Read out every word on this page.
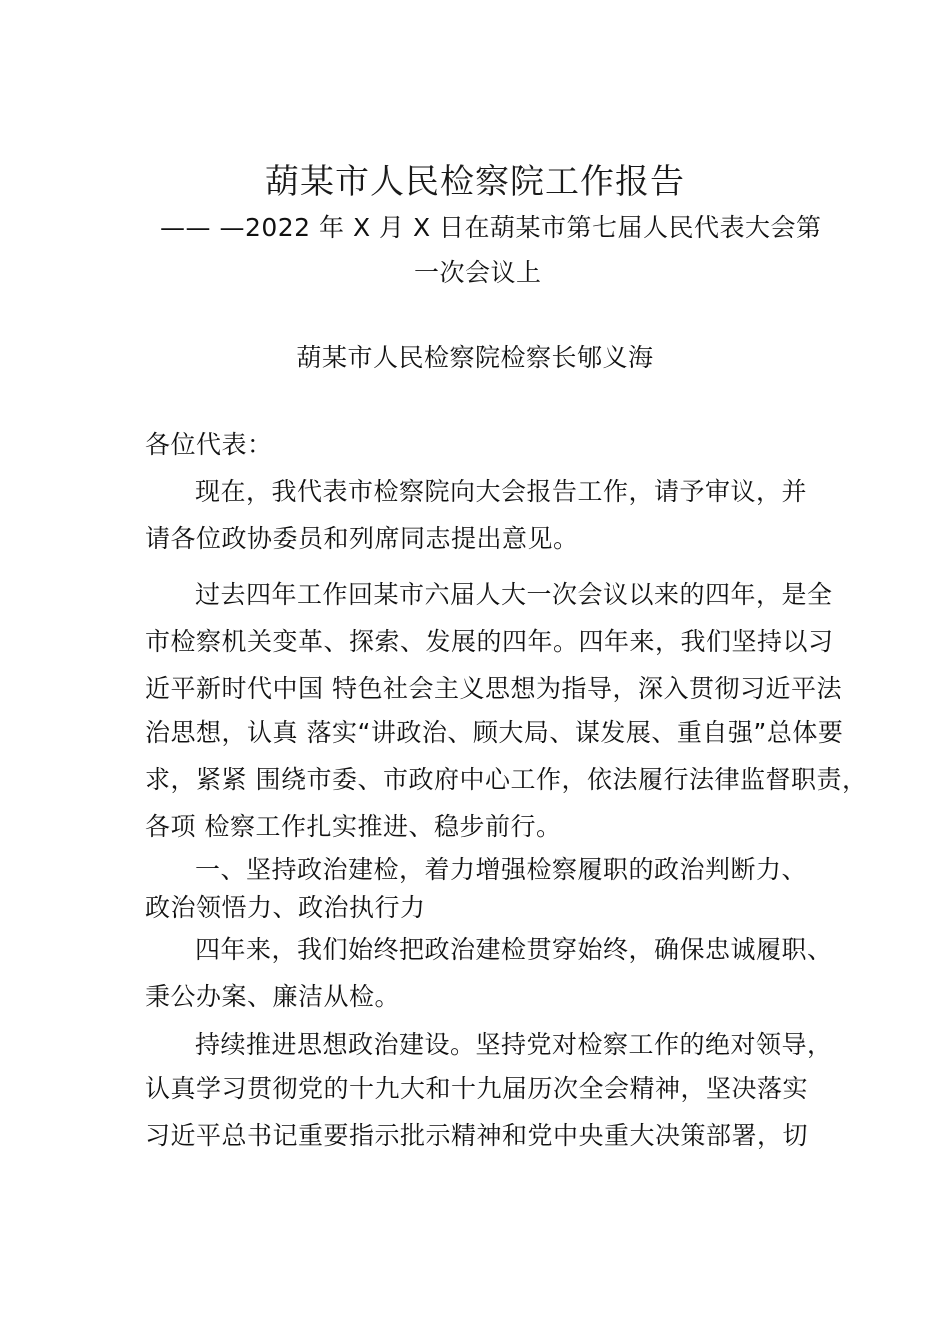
葫某市人民检察院工作报告
—— —2022 年 X 月 X 日在葫某市第七届人民代表大会第
一次会议上
葫某市人民检察院检察长郇义海
各位代表：
现在，我代表市检察院向大会报告工作，请予审议，并
请各位政协委员和列席同志提出意见。
过去四年工作回某市六届人大一次会议以来的四年，是全
市检察机关变革、探索、发展的四年。四年来，我们坚持以习
近平新时代中国 特色社会主义思想为指导，深入贯彻习近平法
治思想，认真 落实“讲政治、顾大局、谋发展、重自强”总体要
求，紧紧 围绕市委、市政府中心工作，依法履行法律监督职责，
各项 检察工作扎实推进、稳步前行。
一、坚持政治建检，着力增强检察履职的政治判断力、
政治领悟力、政治执行力
四年来，我们始终把政治建检贯穿始终，确保忠诚履职、
秉公办案、廉洁从检。
持续推进思想政治建设。坚持党对检察工作的绝对领导，
认真学习贯彻党的十九大和十九届历次全会精神，坚决落实
习近平总书记重要指示批示精神和党中央重大决策部署，切
